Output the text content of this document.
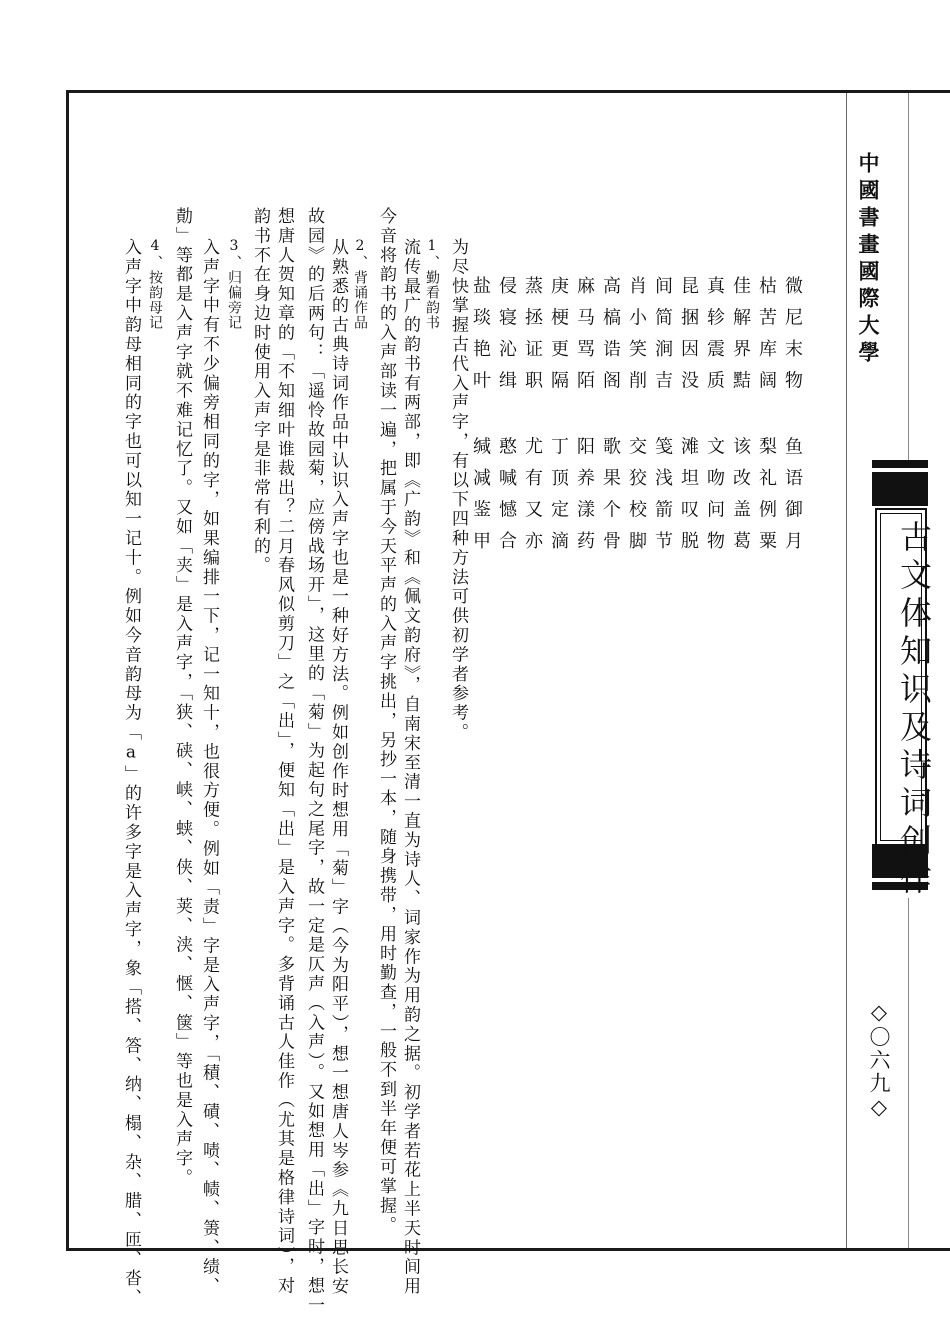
中國書畫國際大學
古文体知识及诗词创作
◇〇六九◇
微尼末物 鱼语御月
枯苦库阔 梨礼例粟
佳解界黠 该改盖葛
真轸震质 文吻问物
昆捆因没 滩坦叹脱
间简涧吉 笺浅箭节
肖小笑削 交狡校脚
高槁诰阁 歌果个骨
麻马骂陌 阳养漾药
庚梗更隔 丁顶定滴
蒸拯证职 尤有又亦
侵寝沁缉 憨喊憾合
盐琰艳叶 缄减鉴甲
为尽快掌握古代入声字，有以下四种方法可供初学者参考。
1、勤看韵书
流传最广的韵书有两部，即《广韵》和《佩文韵府》，自南宋至清一直为诗人、词家作为用韵之据。初学者若花上半天时间用
今音将韵书的入声部读一遍，把属于今天平声的入声字挑出，另抄一本，随身携带，用时勤查，一般不到半年便可掌握。
2、背诵作品
从熟悉的古典诗词作品中认识入声字也是一种好方法。例如创作时想用「菊」字（今为阳平），想一想唐人岑参《九日思长安
故园》的后两句：「遥怜故园菊，应傍战场开」，这里的「菊」为起句之尾字，故一定是仄声（入声）。又如想用「出」字时，想一
想唐人贺知章的「不知细叶谁裁出？二月春风似剪刀」之「出」，便知「出」是入声字。多背诵古人佳作（尤其是格律诗词），对
韵书不在身边时使用入声字是非常有利的。
3、归偏旁记
入声字中有不少偏旁相同的字，如果编排一下，记一知十，也很方便。例如「责」字是入声字，「積、磧、啧、帻、箦、绩、
勣」等都是入声字就不难记忆了。又如「夹」是入声字，「狭、硖、峡、蛱、侠、荚、浃、惬、箧」等也是入声字。
4、按韵母记
入声字中韵母相同的字也可以知一记十。例如今音韵母为「a」的许多字是入声字，象「搭、答、纳、榻、杂、腊、匝、沓、
